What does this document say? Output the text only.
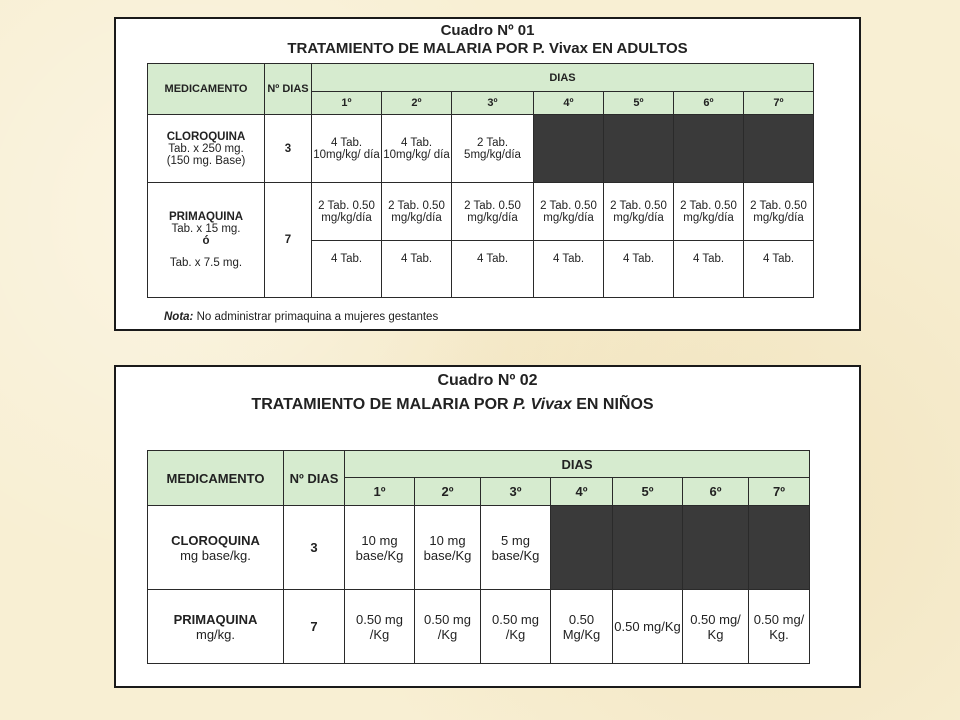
Cuadro Nº 01
TRATAMIENTO DE MALARIA POR P. Vivax EN ADULTOS
MEDICAMENTO	Nº DIAS	DIAS						
		1º	2º	3º	4º	5º	6º	7º

CLOROQUINA
Tab. x 250 mg.
(150 mg. Base)	3	4 Tab. 10mg/kg/ día	4 Tab. 10mg/kg/ día	2 Tab. 5mg/kg/día				

PRIMAQUINA
Tab. x 15 mg.
ó
Tab. x 7.5 mg.	7	2 Tab. 0.50 mg/kg/día	2 Tab. 0.50 mg/kg/día	2 Tab. 0.50 mg/kg/día	2 Tab. 0.50 mg/kg/día	2 Tab. 0.50 mg/kg/día	2 Tab. 0.50 mg/kg/día	2 Tab. 0.50 mg/kg/día
		4 Tab.	4 Tab.	4 Tab.	4 Tab.	4 Tab.	4 Tab.	4 Tab.
Nota: No administrar primaquina a mujeres gestantes
Cuadro Nº 02
TRATAMIENTO DE MALARIA POR P. Vivax EN NIÑOS
MEDICAMENTO	Nº DIAS	DIAS						
		1º	2º	3º	4º	5º	6º	7º

CLOROQUINA
mg base/kg.	3	10 mg base/Kg	10 mg base/Kg	5 mg base/Kg				

PRIMAQUINA
mg/kg.	7	0.50 mg /Kg	0.50 mg /Kg	0.50 mg /Kg	0.50 Mg/Kg	0.50 mg/Kg	0.50 mg/ Kg	0.50 mg/ Kg.
